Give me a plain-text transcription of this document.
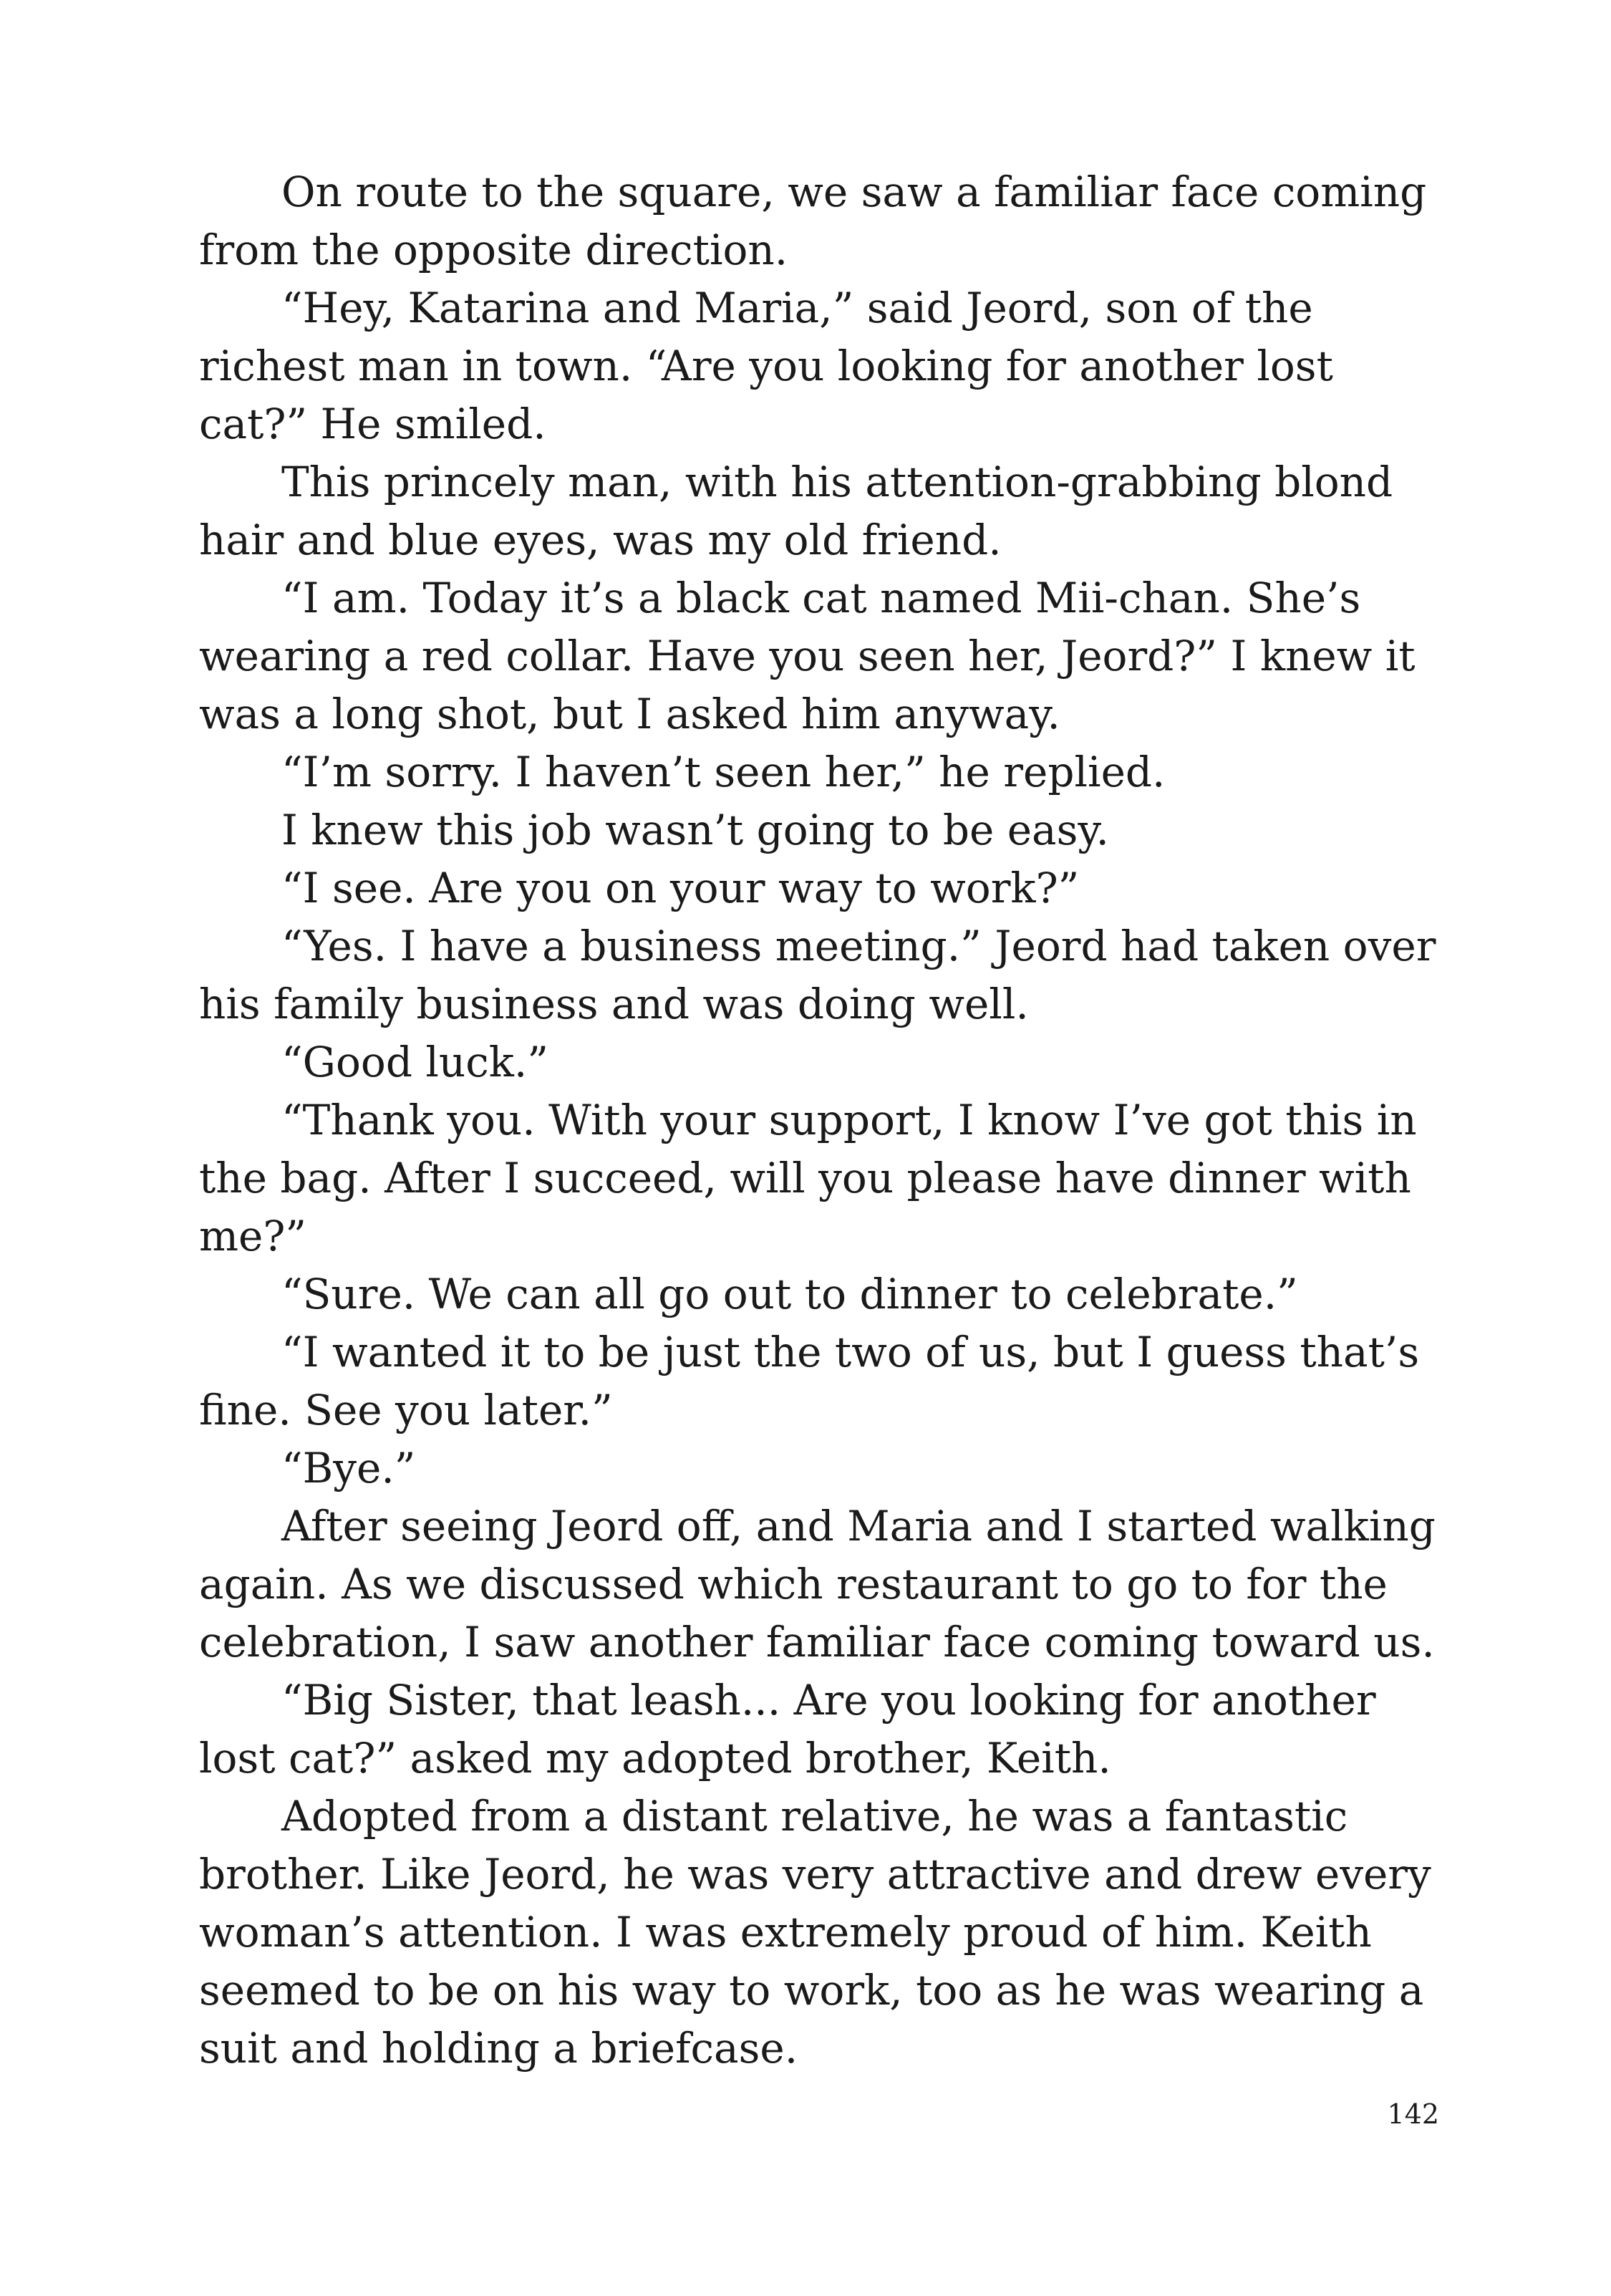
On route to the square, we saw a familiar face coming from the opposite direction.

“Hey, Katarina and Maria,” said Jeord, son of the richest man in town. “Are you looking for another lost cat?” He smiled.

This princely man, with his attention-grabbing blond hair and blue eyes, was my old friend.

“I am. Today it’s a black cat named Mii-chan. She’s wearing a red collar. Have you seen her, Jeord?” I knew it was a long shot, but I asked him anyway.

“I’m sorry. I haven’t seen her,” he replied.

I knew this job wasn’t going to be easy.

“I see. Are you on your way to work?”

“Yes. I have a business meeting.” Jeord had taken over his family business and was doing well.

“Good luck.”

“Thank you. With your support, I know I’ve got this in the bag. After I succeed, will you please have dinner with me?”

“Sure. We can all go out to dinner to celebrate.”

“I wanted it to be just the two of us, but I guess that’s fine. See you later.”

“Bye.”

After seeing Jeord off, and Maria and I started walking again. As we discussed which restaurant to go to for the celebration, I saw another familiar face coming toward us.

“Big Sister, that leash... Are you looking for another lost cat?” asked my adopted brother, Keith.

Adopted from a distant relative, he was a fantastic brother. Like Jeord, he was very attractive and drew every woman’s attention. I was extremely proud of him. Keith seemed to be on his way to work, too as he was wearing a suit and holding a briefcase.

142
